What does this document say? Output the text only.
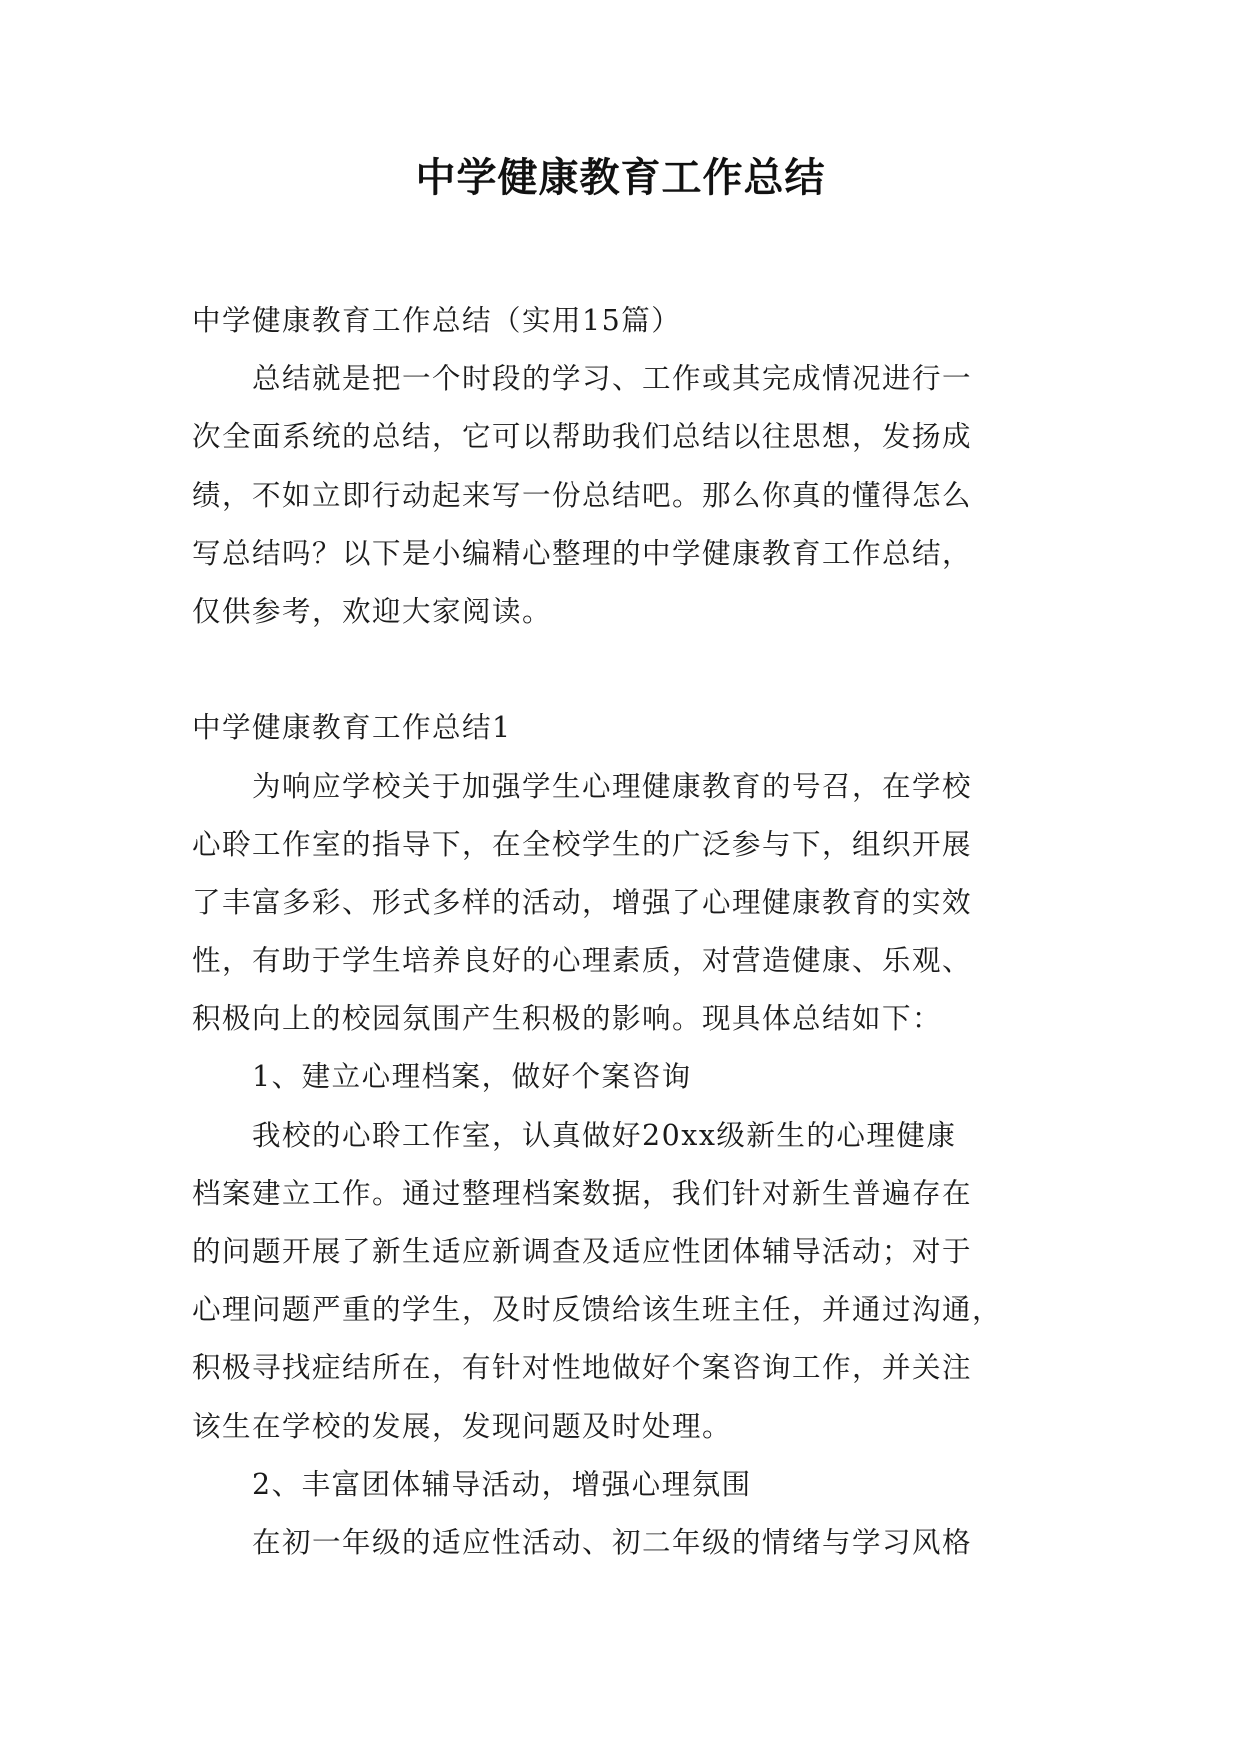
中学健康教育工作总结
中学健康教育工作总结（实用15篇）
　　总结就是把一个时段的学习、工作或其完成情况进行一
次全面系统的总结，它可以帮助我们总结以往思想，发扬成
绩，不如立即行动起来写一份总结吧。那么你真的懂得怎么
写总结吗？以下是小编精心整理的中学健康教育工作总结，
仅供参考，欢迎大家阅读。
中学健康教育工作总结1
　　为响应学校关于加强学生心理健康教育的号召，在学校
心聆工作室的指导下，在全校学生的广泛参与下，组织开展
了丰富多彩、形式多样的活动，增强了心理健康教育的实效
性，有助于学生培养良好的心理素质，对营造健康、乐观、
积极向上的校园氛围产生积极的影响。现具体总结如下：
　　1、建立心理档案，做好个案咨询
　　我校的心聆工作室，认真做好20xx级新生的心理健康
档案建立工作。通过整理档案数据，我们针对新生普遍存在
的问题开展了新生适应新调查及适应性团体辅导活动；对于
心理问题严重的学生，及时反馈给该生班主任，并通过沟通，
积极寻找症结所在，有针对性地做好个案咨询工作，并关注
该生在学校的发展，发现问题及时处理。
　　2、丰富团体辅导活动，增强心理氛围
　　在初一年级的适应性活动、初二年级的情绪与学习风格
